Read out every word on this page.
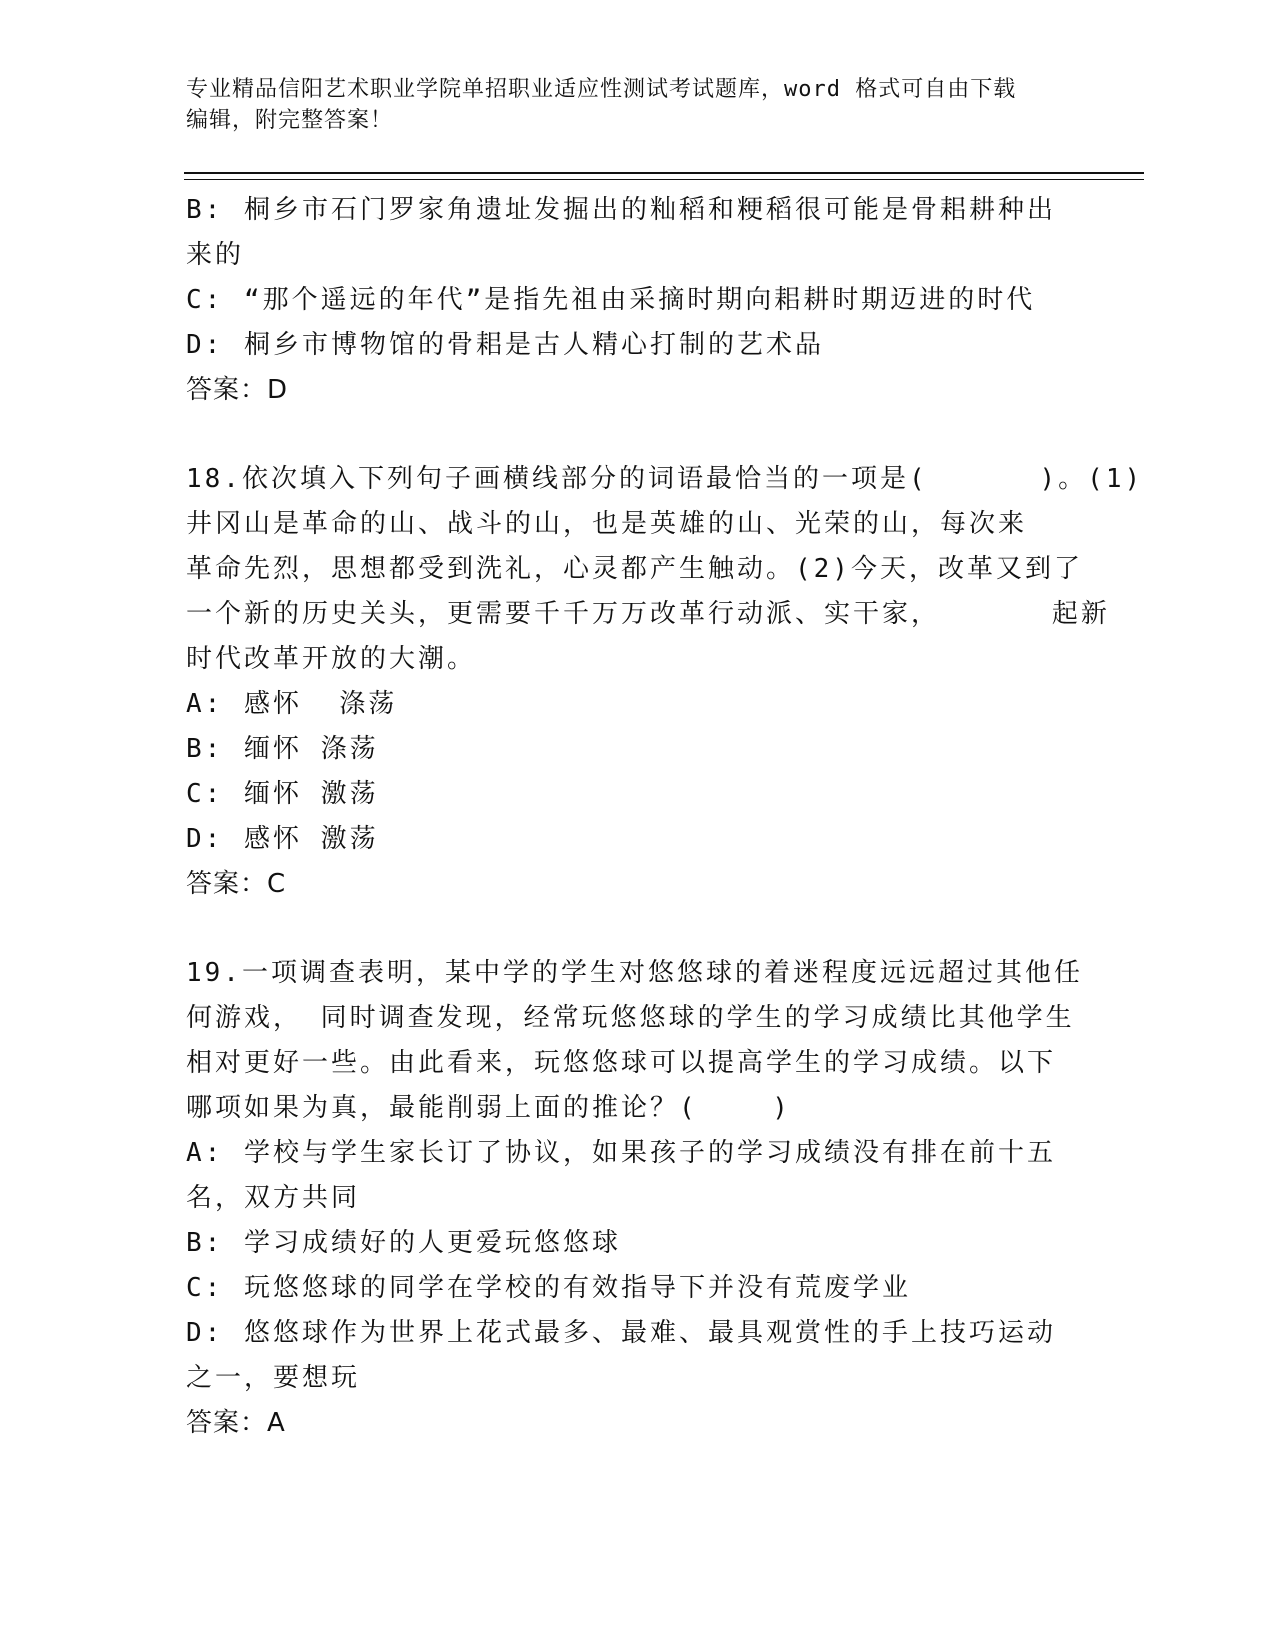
专业精品信阳艺术职业学院单招职业适应性测试考试题库，word 格式可自由下载
编辑，附完整答案！
B: 桐乡市石门罗家角遗址发掘出的籼稻和粳稻很可能是骨耜耕种出
来的
C: “那个遥远的年代”是指先祖由采摘时期向耜耕时期迈进的时代
D: 桐乡市博物馆的骨耜是古人精心打制的艺术品
答案：D
18.依次填入下列句子画横线部分的词语最恰当的一项是(      )。(1)
井冈山是革命的山、战斗的山，也是英雄的山、光荣的山，每次来
革命先烈，思想都受到洗礼，心灵都产生触动。(2)今天，改革又到了
一个新的历史关头，更需要千千万万改革行动派、实干家，      起新
时代改革开放的大潮。
A: 感怀  涤荡
B: 缅怀 涤荡
C: 缅怀 激荡
D: 感怀 激荡
答案：C
19.一项调查表明，某中学的学生对悠悠球的着迷程度远远超过其他任
何游戏， 同时调查发现，经常玩悠悠球的学生的学习成绩比其他学生
相对更好一些。由此看来，玩悠悠球可以提高学生的学习成绩。以下
哪项如果为真，最能削弱上面的推论？(    )
A: 学校与学生家长订了协议，如果孩子的学习成绩没有排在前十五
名，双方共同
B: 学习成绩好的人更爱玩悠悠球
C: 玩悠悠球的同学在学校的有效指导下并没有荒废学业
D: 悠悠球作为世界上花式最多、最难、最具观赏性的手上技巧运动
之一，要想玩
答案：A
